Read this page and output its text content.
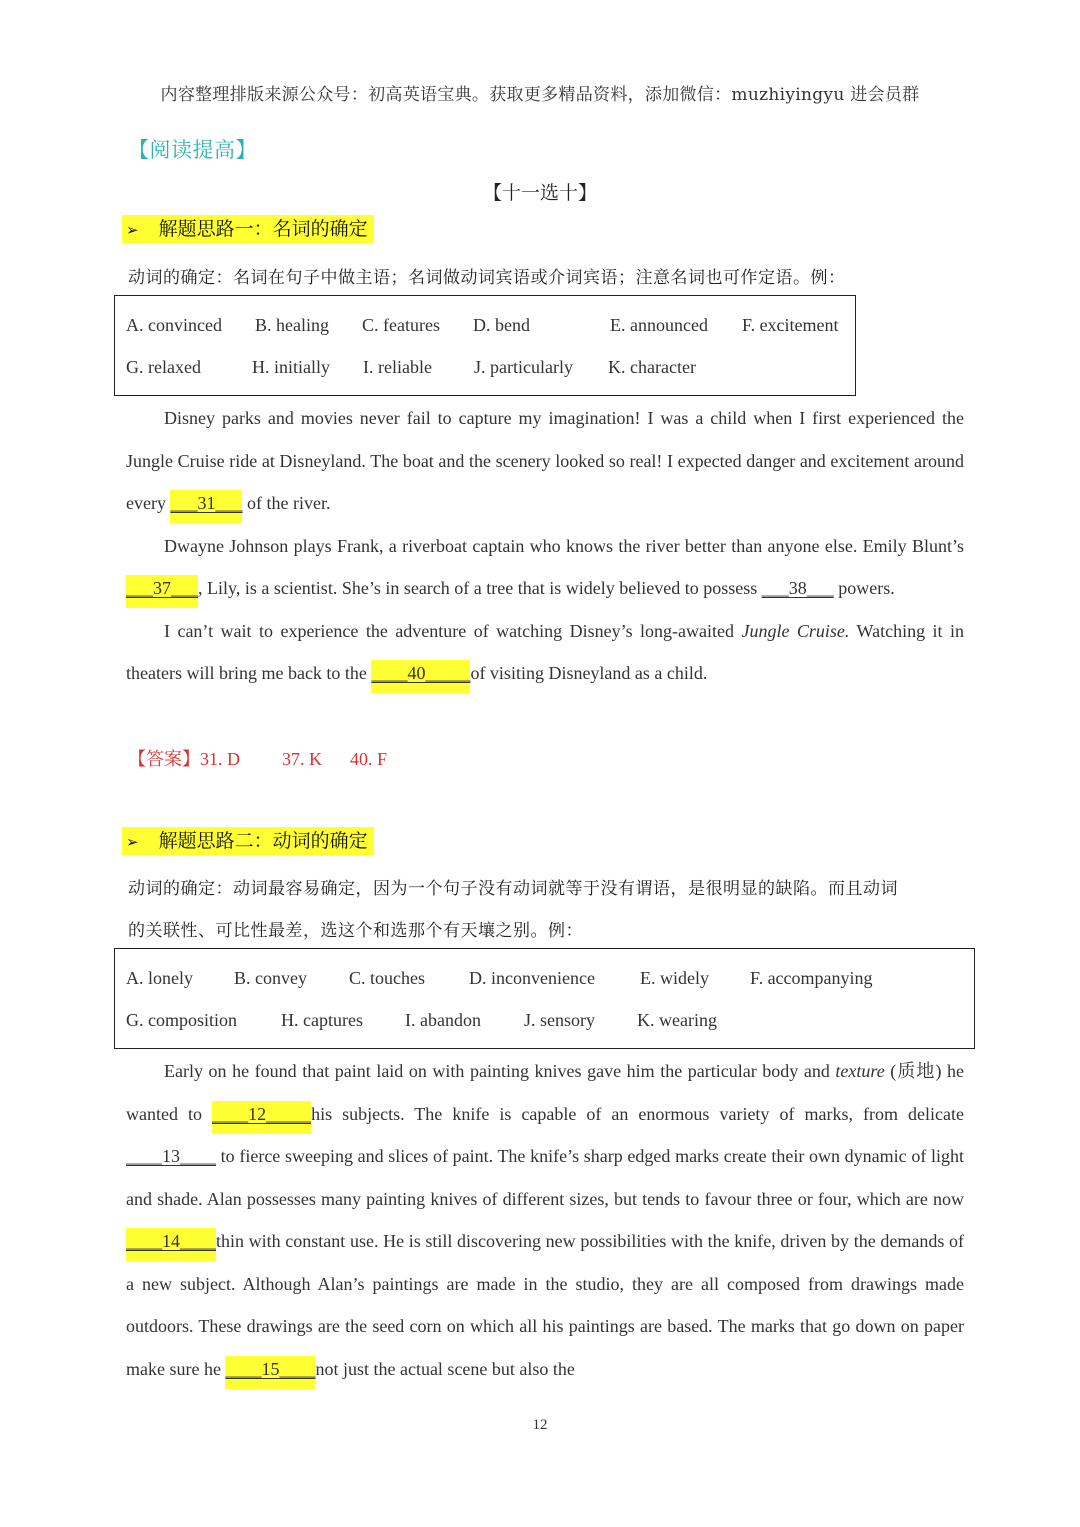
内容整理排版来源公众号：初高英语宝典。获取更多精品资料，添加微信：muzhiyingyu 进会员群
【阅读提高】
【十一选十】
➢ 解题思路一：名词的确定
动词的确定：名词在句子中做主语；名词做动词宾语或介词宾语；注意名词也可作定语。例：
A. convinced B. healing C. features D. bend	E. announced F. excitement
G. relaxed	H. initially I. reliable J. particularly K. character

Disney parks and movies never fail to capture my imagination! I was a child when I first experienced the Jungle Cruise ride at Disneyland. The boat and the scenery looked so real! I expected danger and excitement around every ___31___ of the river.

Dwayne Johnson plays Frank, a riverboat captain who knows the river better than anyone else. Emily Blunt’s ___37___, Lily, is a scientist. She’s in search of a tree that is widely believed to possess ___38___ powers.

I can’t wait to experience the adventure of watching Disney’s long-awaited Jungle Cruise. Watching it in theaters will bring me back to the ____40_____of visiting Disneyland as a child.

【答案】31. D 37. K 40. F
➢ 解题思路二：动词的确定
动词的确定：动词最容易确定，因为一个句子没有动词就等于没有谓语，是很明显的缺陷。而且动词
的关联性、可比性最差，选这个和选那个有天壤之别。例：
A. lonely B. convey C. touches D. inconvenience	E. widely F. accompanying
G. composition H. captures I. abandon J. sensory K. wearing

Early on he found that paint laid on with painting knives gave him the particular body and texture (质地) he wanted to ____12_____his subjects. The knife is capable of an enormous variety of marks, from delicate ____13____ to fierce sweeping and slices of paint. The knife’s sharp edged marks create their own dynamic of light and shade. Alan possesses many painting knives of different sizes, but tends to favour three or four, which are now ____14____thin with constant use. He is still discovering new possibilities with the knife, driven by the demands of a new subject. Although Alan’s paintings are made in the studio, they are all composed from drawings made outdoors. These drawings are the seed corn on which all his paintings are based. The marks that go down on paper make sure he ____15____not just the actual scene but also the

12
